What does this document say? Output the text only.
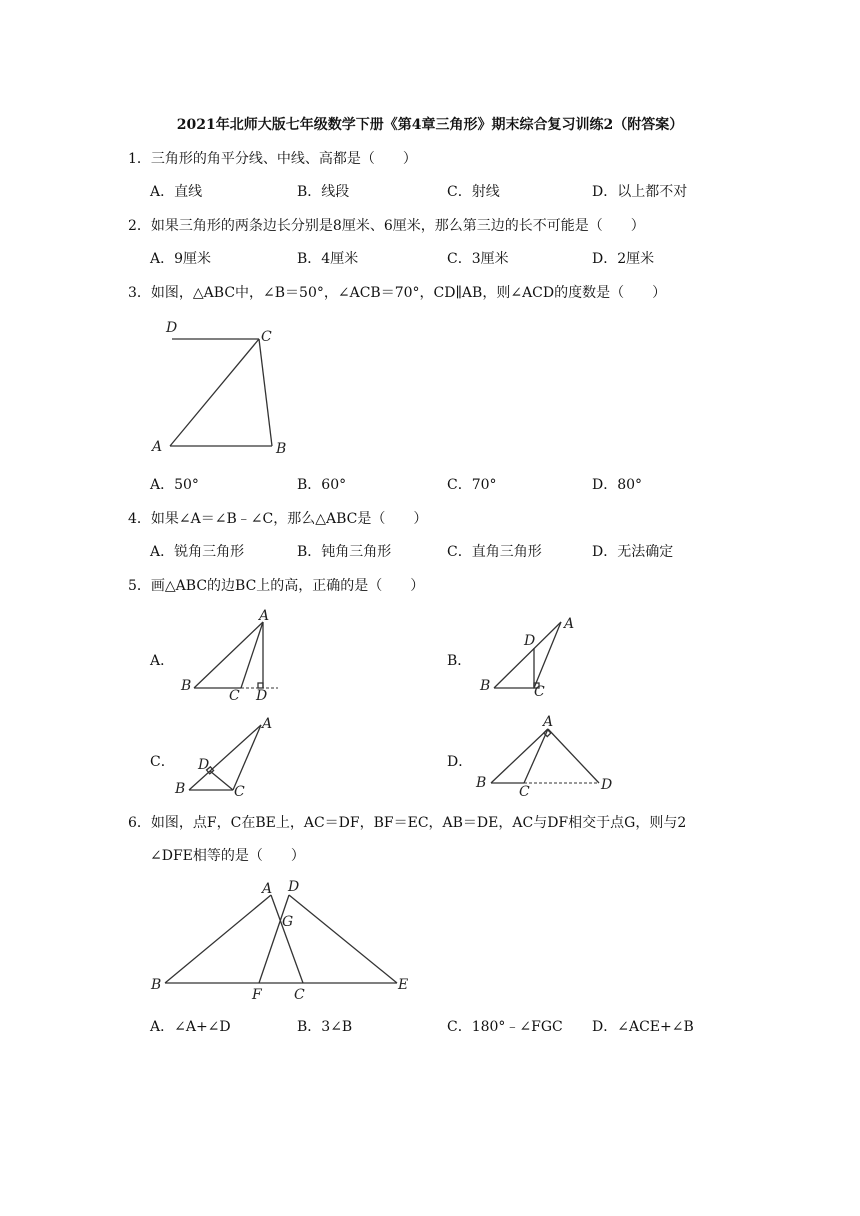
2021年北师大版七年级数学下册《第4章三角形》期末综合复习训练2（附答案）
1．三角形的角平分线、中线、高都是（　　）
A．直线	B．线段	C．射线	D．以上都不对
2．如果三角形的两条边长分别是8厘米、6厘米，那么第三边的长不可能是（　　）
A．9厘米	B．4厘米	C．3厘米	D．2厘米
3．如图，△ABC中，∠B＝50°，∠ACB＝70°，CD∥AB，则∠ACD的度数是（　　）
D
C
A	B
A．50°	B．60°	C．70°	D．80°
4．如果∠A＝∠B﹣∠C，那么△ABC是（　　）
A．锐角三角形	B．钝角三角形	C．直角三角形	D．无法确定
5．画△ABC的边BC上的高，正确的是（　　）
A．	B．
C．	D．
A
B
C D
A
B	C
D
A
B	C
D
A
B
C	D
6．如图，点F，C在BE上，AC＝DF，BF＝EC，AB＝DE，AC与DF相交于点G，则与2
∠DFE相等的是（　　）
A D
G
B
F C
E
A．∠A+∠D	B．3∠B	C．180°﹣∠FGC D．∠ACE+∠B
